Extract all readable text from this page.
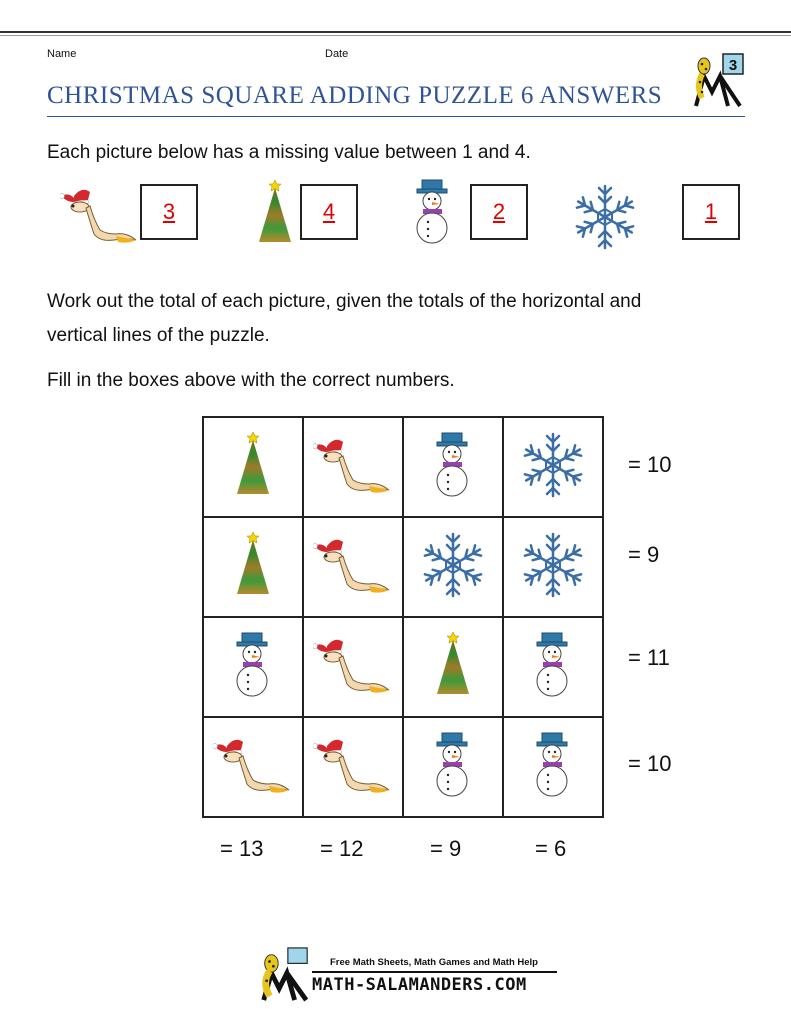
Name	Date
CHRISTMAS SQUARE ADDING PUZZLE 6 ANSWERS
3
Each picture below has a missing value between 1 and 4.
3	4	2	1
Work out the total of each picture, given the totals of the horizontal and
vertical lines of the puzzle.
Fill in the boxes above with the correct numbers.

= 10
= 9
= 11
= 10
= 13	= 12	= 9	= 6
Free Math Sheets, Math Games and Math Help
MATH-SALAMANDERS.COM
